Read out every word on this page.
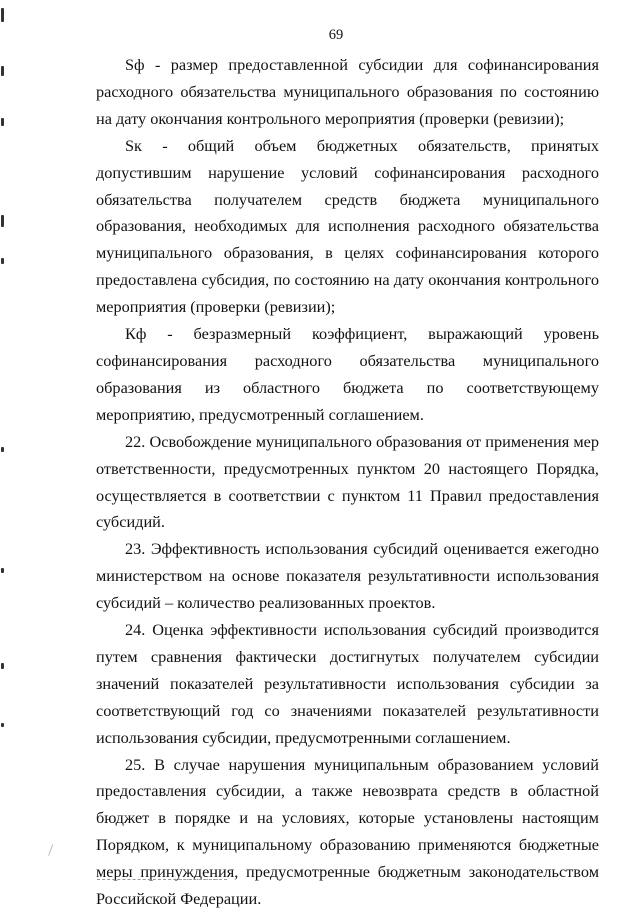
69

Sф - размер предоставленной субсидии для софинансирования расходного обязательства муниципального образования по состоянию на дату окончания контрольного мероприятия (проверки (ревизии);

Sк - общий объем бюджетных обязательств, принятых допустившим нарушение условий софинансирования расходного обязательства получателем средств бюджета муниципального образования, необходимых для исполнения расходного обязательства муниципального образования, в целях софинансирования которого предоставлена субсидия, по состоянию на дату окончания контрольного мероприятия (проверки (ревизии);

Кф - безразмерный коэффициент, выражающий уровень софинансирования расходного обязательства муниципального образования из областного бюджета по соответствующему мероприятию, предусмотренный соглашением.

22. Освобождение муниципального образования от применения мер ответственности, предусмотренных пунктом 20 настоящего Порядка, осуществляется в соответствии с пунктом 11 Правил предоставления субсидий.

23. Эффективность использования субсидий оценивается ежегодно министерством на основе показателя результативности использования субсидий – количество реализованных проектов.

24. Оценка эффективности использования субсидий производится путем сравнения фактически достигнутых получателем субсидии значений показателей результативности использования субсидии за соответствующий год со значениями показателей результативности использования субсидии, предусмотренными соглашением.

25. В случае нарушения муниципальным образованием условий предоставления субсидии, а также невозврата средств в областной бюджет в порядке и на условиях, которые установлены настоящим Порядком, к муниципальному образованию применяются бюджетные меры принуждения, предусмотренные бюджетным законодательством Российской Федерации.
